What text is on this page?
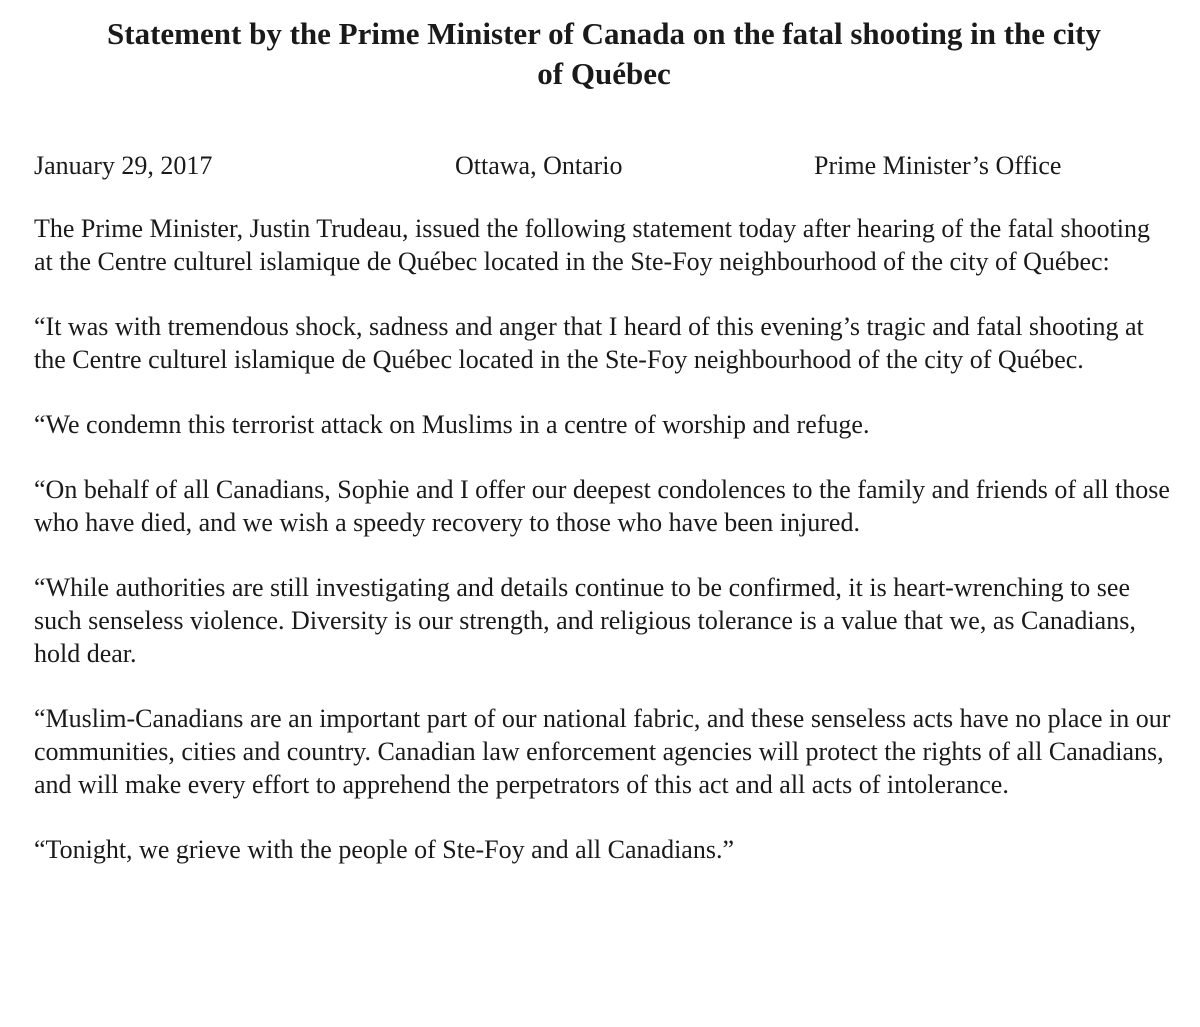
Statement by the Prime Minister of Canada on the fatal shooting in the city of Québec
January 29, 2017	Ottawa, Ontario	Prime Minister’s Office

The Prime Minister, Justin Trudeau, issued the following statement today after hearing of the fatal shooting at the Centre culturel islamique de Québec located in the Ste-Foy neighbourhood of the city of Québec:

“It was with tremendous shock, sadness and anger that I heard of this evening’s tragic and fatal shooting at the Centre culturel islamique de Québec located in the Ste-Foy neighbourhood of the city of Québec.

“We condemn this terrorist attack on Muslims in a centre of worship and refuge.

“On behalf of all Canadians, Sophie and I offer our deepest condolences to the family and friends of all those who have died, and we wish a speedy recovery to those who have been injured.

“While authorities are still investigating and details continue to be confirmed, it is heart-wrenching to see such senseless violence. Diversity is our strength, and religious tolerance is a value that we, as Canadians, hold dear.

“Muslim-Canadians are an important part of our national fabric, and these senseless acts have no place in our communities, cities and country. Canadian law enforcement agencies will protect the rights of all Canadians, and will make every effort to apprehend the perpetrators of this act and all acts of intolerance.

“Tonight, we grieve with the people of Ste-Foy and all Canadians.”
